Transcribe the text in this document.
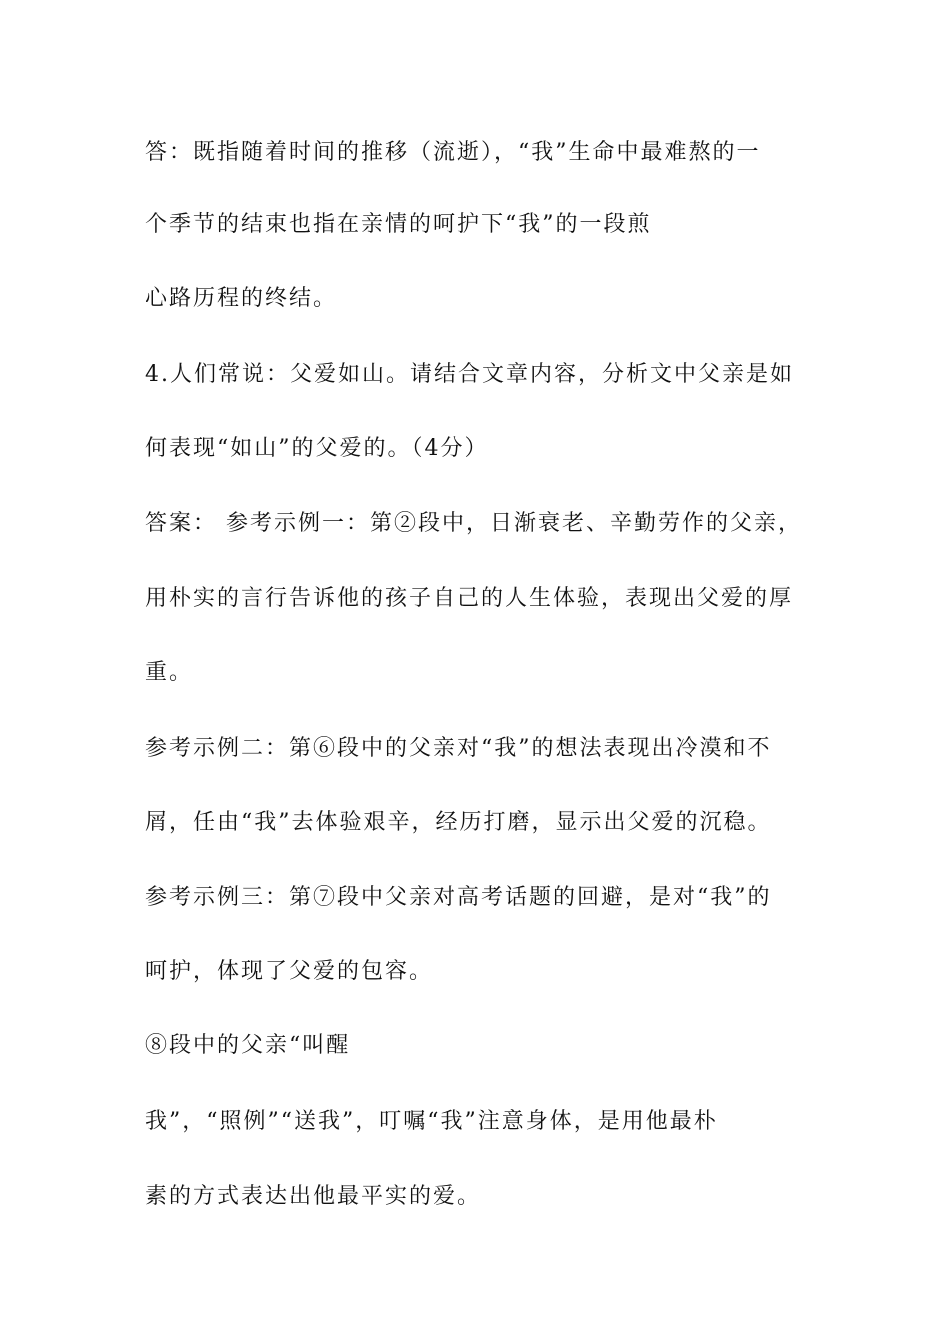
答：既指随着时间的推移（流逝），“我”生命中最难熬的一
个季节的结束也指在亲情的呵护下“我”的一段煎
心路历程的终结。
4.人们常说：父爱如山。请结合文章内容，分析文中父亲是如
何表现“如山”的父爱的。（4分）
答案： 参考示例一：第②段中，日渐衰老、辛勤劳作的父亲，
用朴实的言行告诉他的孩子自己的人生体验，表现出父爱的厚
重。
参考示例二：第⑥段中的父亲对“我”的想法表现出冷漠和不
屑，任由“我”去体验艰辛，经历打磨，显示出父爱的沉稳。
参考示例三：第⑦段中父亲对高考话题的回避，是对“我”的
呵护，体现了父爱的包容。
⑧段中的父亲“叫醒
我”，“照例”“送我”，叮嘱“我”注意身体，是用他最朴
素的方式表达出他最平实的爱。
